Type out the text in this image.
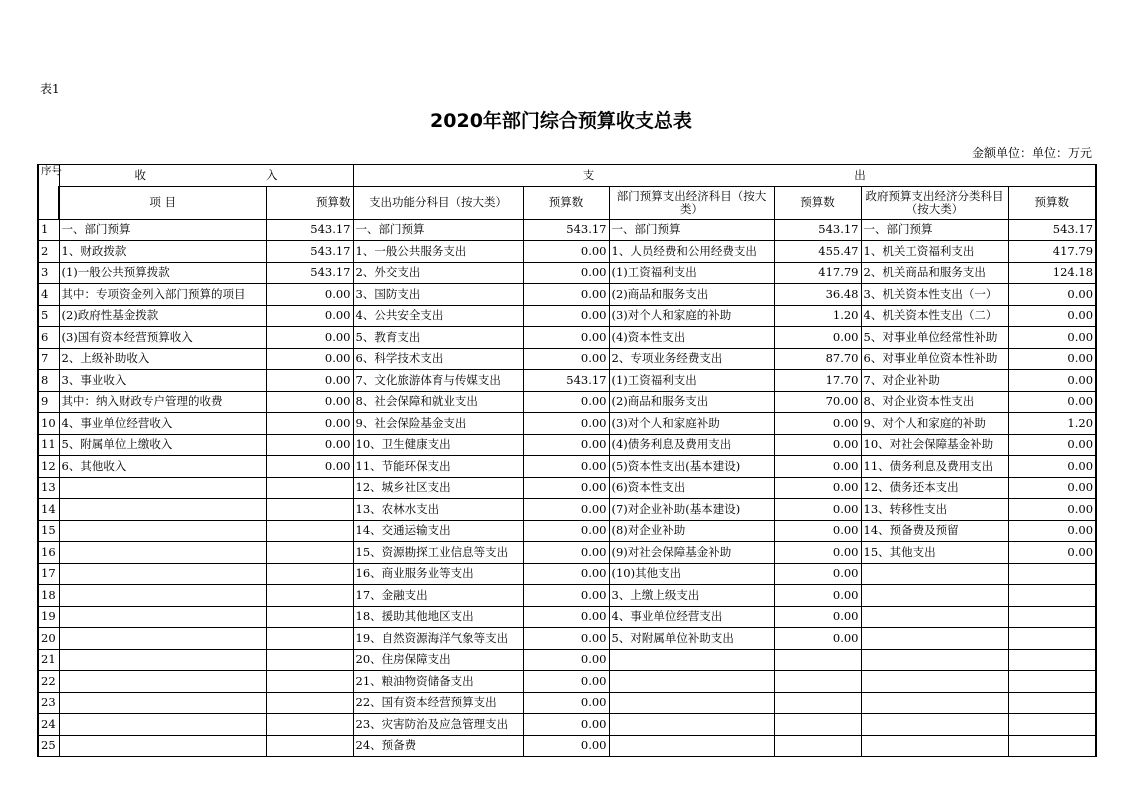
表1
2020年部门综合预算收支总表
金额单位：单位：万元
序号	收 入		支 出					
	项 目	预算数	支出功能分科目（按大类）	预算数	部门预算支出经济科目（按大类）	预算数	政府预算支出经济分类科目（按大类）	预算数
1	一、部门预算	543.17	一、部门预算	543.17	一、部门预算	543.17	一、部门预算	543.17
2	1、财政拨款	543.17	1、一般公共服务支出	0.00	1、人员经费和公用经费支出	455.47	1、机关工资福利支出	417.79
3	(1)一般公共预算拨款	543.17	2、外交支出	0.00	(1)工资福利支出	417.79	2、机关商品和服务支出	124.18
4	其中：专项资金列入部门预算的项目	0.00	3、国防支出	0.00	(2)商品和服务支出	36.48	3、机关资本性支出（一）	0.00
5	(2)政府性基金拨款	0.00	4、公共安全支出	0.00	(3)对个人和家庭的补助	1.20	4、机关资本性支出（二）	0.00
6	(3)国有资本经营预算收入	0.00	5、教育支出	0.00	(4)资本性支出	0.00	5、对事业单位经常性补助	0.00
7	2、上级补助收入	0.00	6、科学技术支出	0.00	2、专项业务经费支出	87.70	6、对事业单位资本性补助	0.00
8	3、事业收入	0.00	7、文化旅游体育与传媒支出	543.17	(1)工资福利支出	17.70	7、对企业补助	0.00
9	其中：纳入财政专户管理的收费	0.00	8、社会保障和就业支出	0.00	(2)商品和服务支出	70.00	8、对企业资本性支出	0.00
10	4、事业单位经营收入	0.00	9、社会保险基金支出	0.00	(3)对个人和家庭补助	0.00	9、对个人和家庭的补助	1.20
11	5、附属单位上缴收入	0.00	10、卫生健康支出	0.00	(4)债务利息及费用支出	0.00	10、对社会保障基金补助	0.00
12	6、其他收入	0.00	11、节能环保支出	0.00	(5)资本性支出(基本建设)	0.00	11、债务利息及费用支出	0.00
13			12、城乡社区支出	0.00	(6)资本性支出	0.00	12、债务还本支出	0.00
14			13、农林水支出	0.00	(7)对企业补助(基本建设)	0.00	13、转移性支出	0.00
15			14、交通运输支出	0.00	(8)对企业补助	0.00	14、预备费及预留	0.00
16			15、资源勘探工业信息等支出	0.00	(9)对社会保障基金补助	0.00	15、其他支出	0.00
17			16、商业服务业等支出	0.00	(10)其他支出	0.00		
18			17、金融支出	0.00	3、上缴上级支出	0.00		
19			18、援助其他地区支出	0.00	4、事业单位经营支出	0.00		
20			19、自然资源海洋气象等支出	0.00	5、对附属单位补助支出	0.00		
21			20、住房保障支出	0.00				
22			21、粮油物资储备支出	0.00				
23			22、国有资本经营预算支出	0.00				
24			23、灾害防治及应急管理支出	0.00				
25			24、预备费	0.00				
